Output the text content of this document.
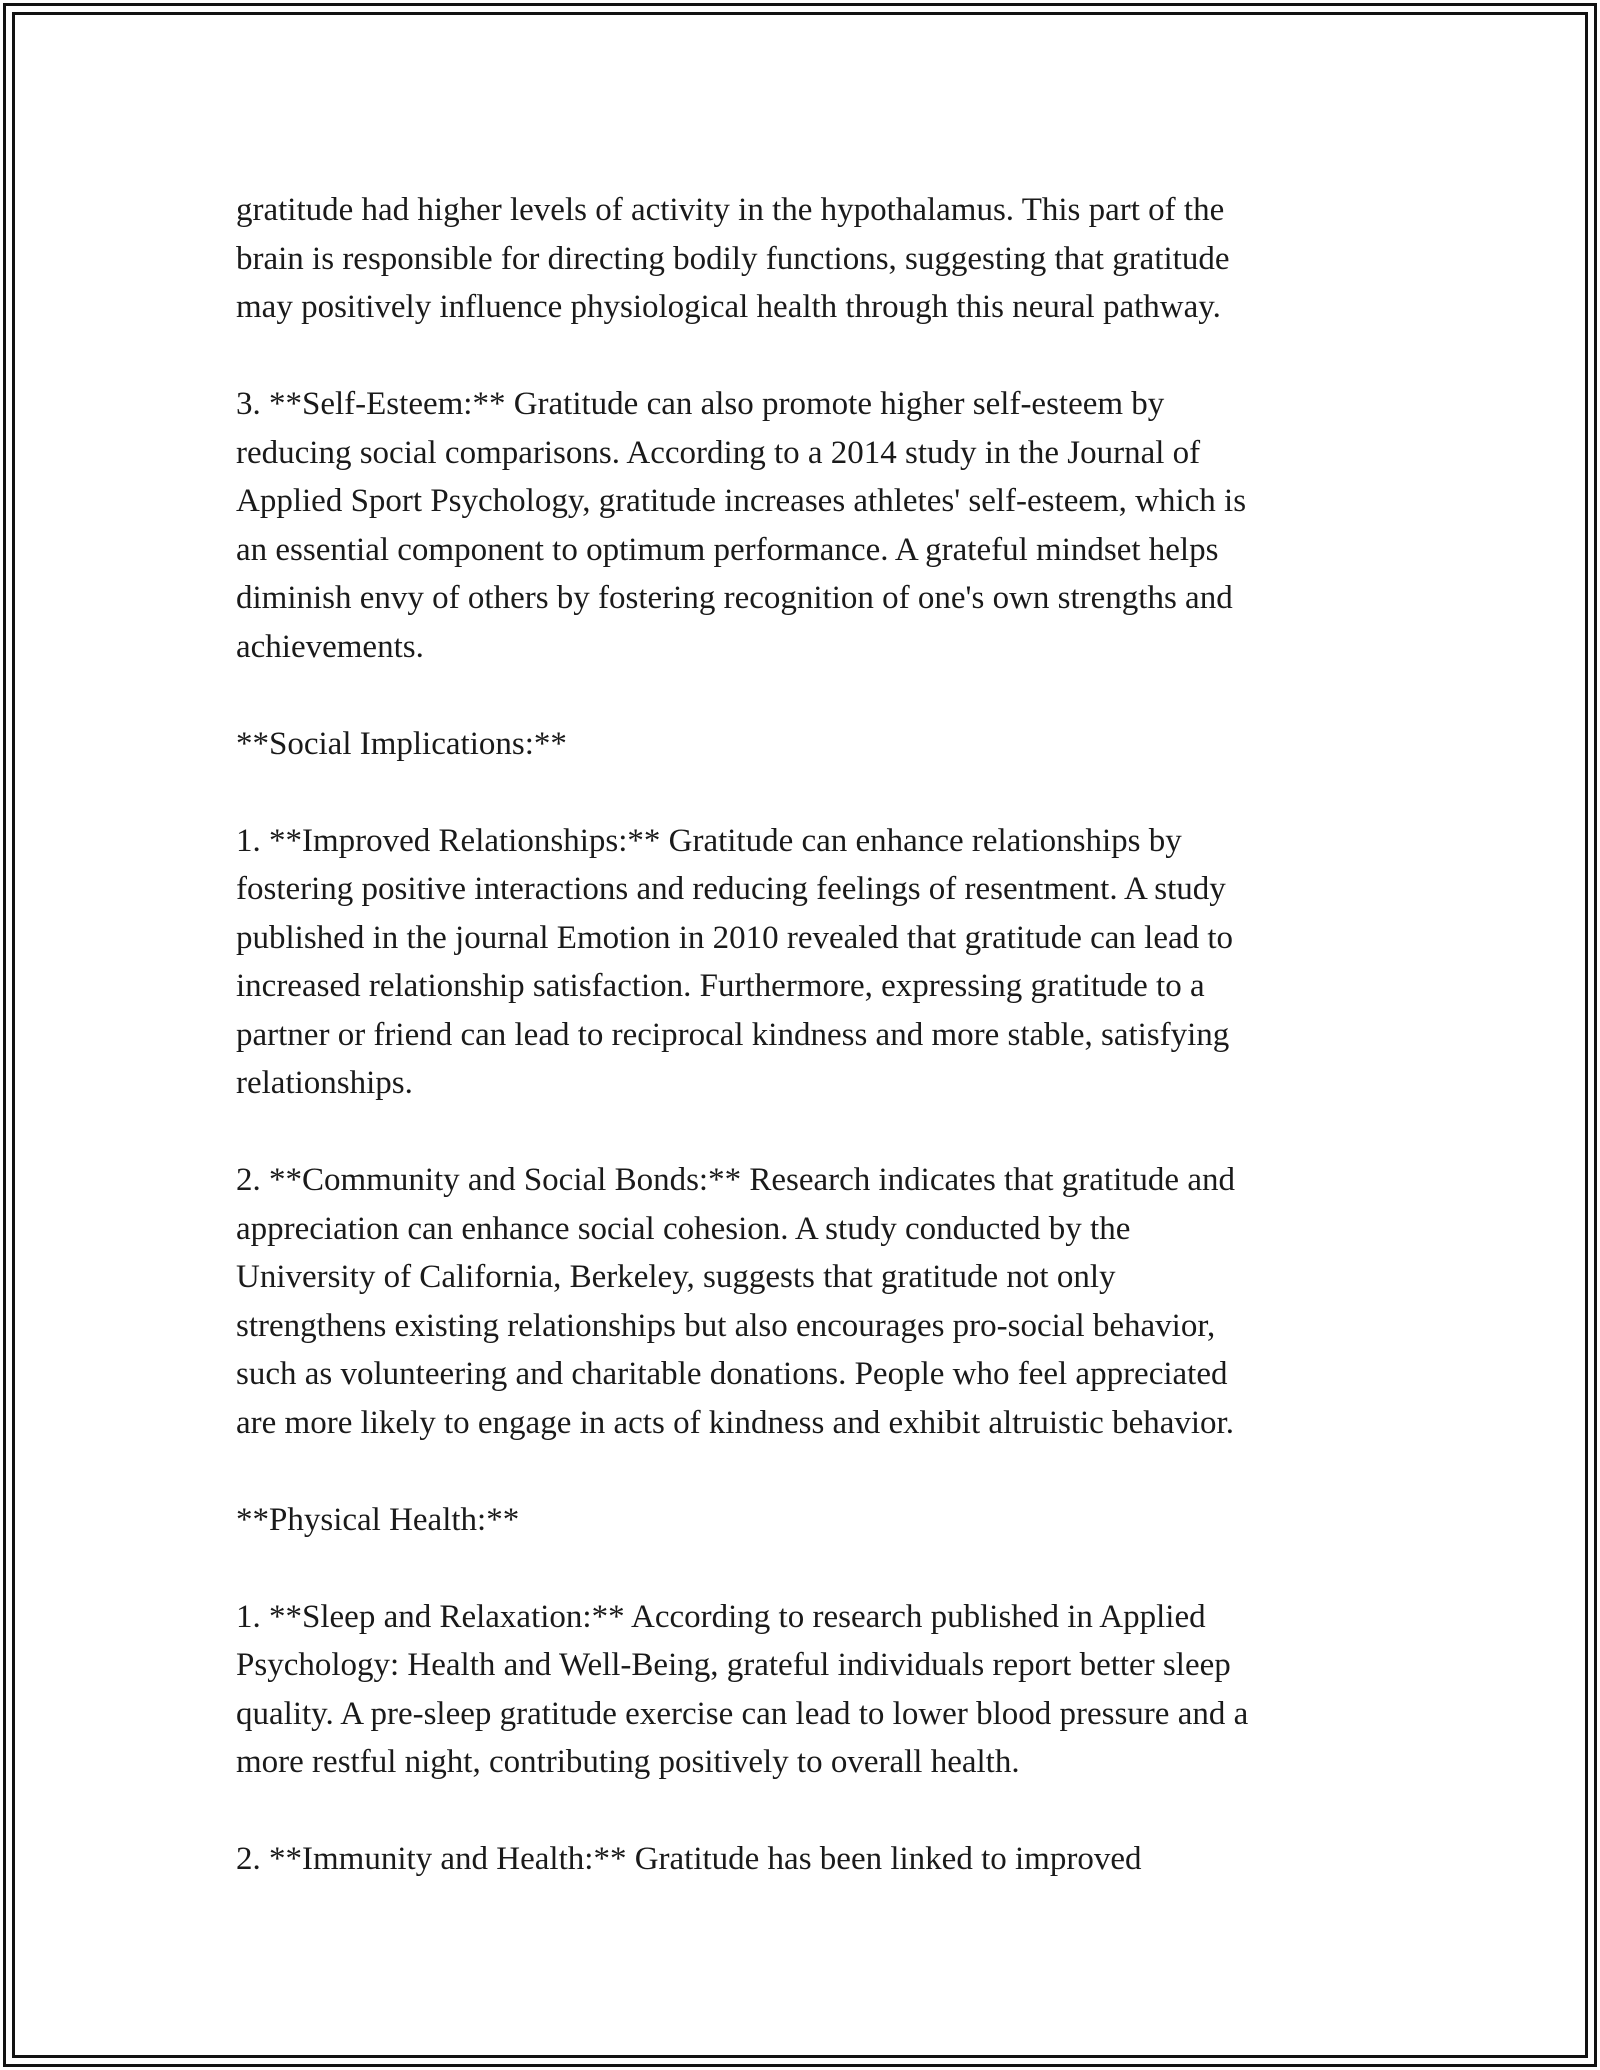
gratitude had higher levels of activity in the hypothalamus. This part of the
brain is responsible for directing bodily functions, suggesting that gratitude
may positively influence physiological health through this neural pathway.

3. **Self-Esteem:** Gratitude can also promote higher self-esteem by
reducing social comparisons. According to a 2014 study in the Journal of
Applied Sport Psychology, gratitude increases athletes' self-esteem, which is
an essential component to optimum performance. A grateful mindset helps
diminish envy of others by fostering recognition of one's own strengths and
achievements.

**Social Implications:**

1. **Improved Relationships:** Gratitude can enhance relationships by
fostering positive interactions and reducing feelings of resentment. A study
published in the journal Emotion in 2010 revealed that gratitude can lead to
increased relationship satisfaction. Furthermore, expressing gratitude to a
partner or friend can lead to reciprocal kindness and more stable, satisfying
relationships.

2. **Community and Social Bonds:** Research indicates that gratitude and
appreciation can enhance social cohesion. A study conducted by the
University of California, Berkeley, suggests that gratitude not only
strengthens existing relationships but also encourages pro-social behavior,
such as volunteering and charitable donations. People who feel appreciated
are more likely to engage in acts of kindness and exhibit altruistic behavior.

**Physical Health:**

1. **Sleep and Relaxation:** According to research published in Applied
Psychology: Health and Well-Being, grateful individuals report better sleep
quality. A pre-sleep gratitude exercise can lead to lower blood pressure and a
more restful night, contributing positively to overall health.

2. **Immunity and Health:** Gratitude has been linked to improved
